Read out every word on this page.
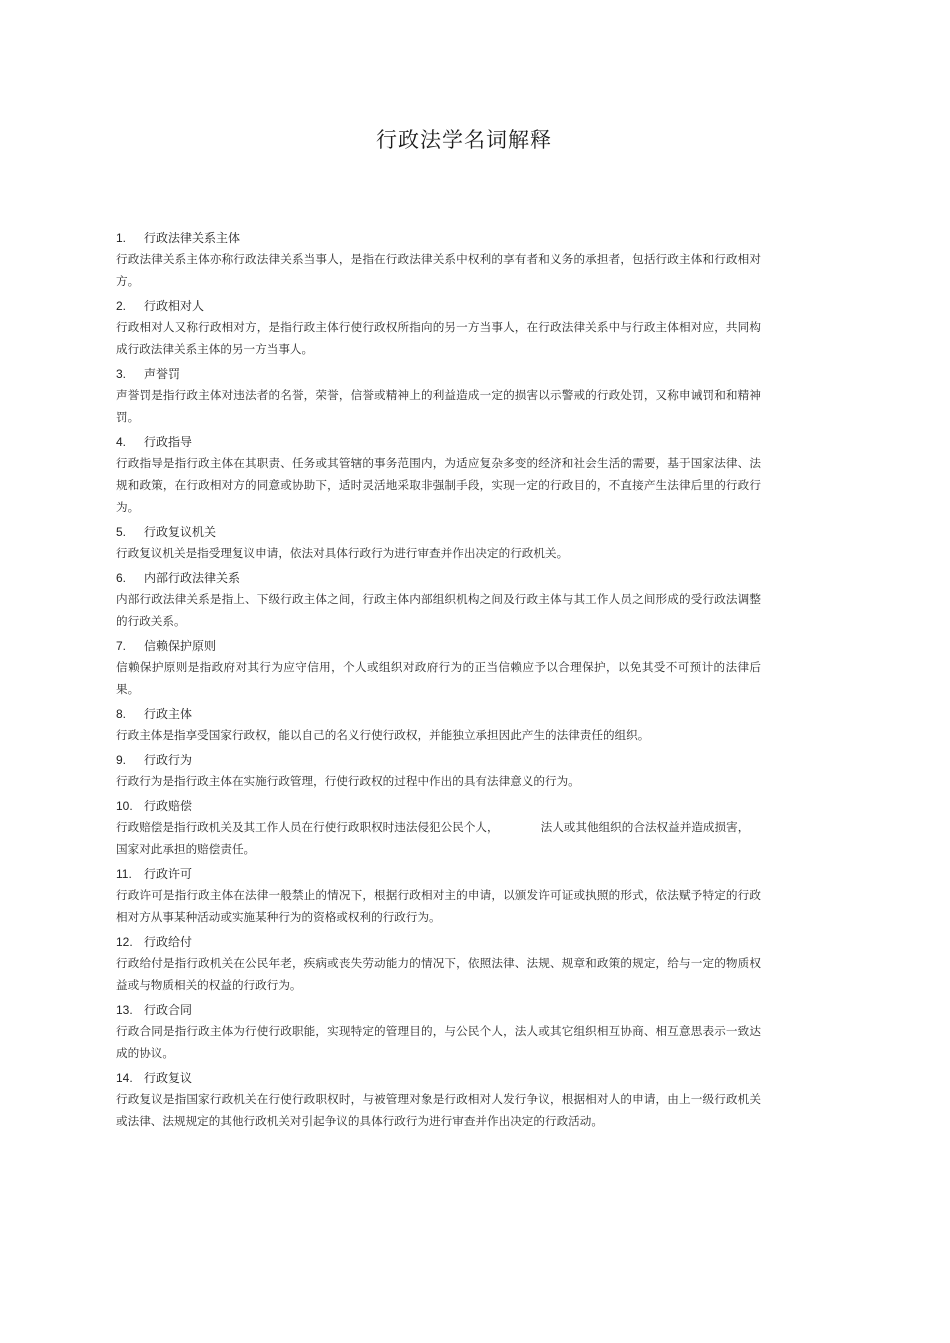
行政法学名词解释
1. 行政法律关系主体
行政法律关系主体亦称行政法律关系当事人，是指在行政法律关系中权利的享有者和义务的承担者，包括行政主体和行政相对方。
2. 行政相对人
行政相对人又称行政相对方，是指行政主体行使行政权所指向的另一方当事人，在行政法律关系中与行政主体相对应，共同构成行政法律关系主体的另一方当事人。
3. 声誉罚
声誉罚是指行政主体对违法者的名誉，荣誉，信誉或精神上的利益造成一定的损害以示警戒的行政处罚，又称申诫罚和和精神罚。
4. 行政指导
行政指导是指行政主体在其职责、任务或其管辖的事务范围内，为适应复杂多变的经济和社会生活的需要，基于国家法律、法规和政策，在行政相对方的同意或协助下，适时灵活地采取非强制手段，实现一定的行政目的，不直接产生法律后里的行政行为。
5. 行政复议机关
行政复议机关是指受理复议申请，依法对具体行政行为进行审查并作出决定的行政机关。
6. 内部行政法律关系
内部行政法律关系是指上、下级行政主体之间，行政主体内部组织机构之间及行政主体与其工作人员之间形成的受行政法调整的行政关系。
7. 信赖保护原则
信赖保护原则是指政府对其行为应守信用，个人或组织对政府行为的正当信赖应予以合理保护，以免其受不可预计的法律后果。
8. 行政主体
行政主体是指享受国家行政权，能以自己的名义行使行政权，并能独立承担因此产生的法律责任的组织。
9. 行政行为
行政行为是指行政主体在实施行政管理，行使行政权的过程中作出的具有法律意义的行为。
10. 行政赔偿
行政赔偿是指行政机关及其工作人员在行使行政职权时违法侵犯公民个人，	法人或其他组织的合法权益并造成损害，
国家对此承担的赔偿责任。
11. 行政许可
行政许可是指行政主体在法律一般禁止的情况下，根据行政相对主的申请，以颁发许可证或执照的形式，依法赋予特定的行政相对方从事某种活动或实施某种行为的资格或权利的行政行为。
12. 行政给付
行政给付是指行政机关在公民年老，疾病或丧失劳动能力的情况下，依照法律、法规、规章和政策的规定，给与一定的物质权益或与物质相关的权益的行政行为。
13. 行政合同
行政合同是指行政主体为行使行政职能，实现特定的管理目的，与公民个人，法人或其它组织相互协商、相互意思表示一致达成的协议。
14. 行政复议
行政复议是指国家行政机关在行使行政职权时，与被管理对象是行政相对人发行争议，根据相对人的申请，由上一级行政机关或法律、法规规定的其他行政机关对引起争议的具体行政行为进行审查并作出决定的行政活动。
